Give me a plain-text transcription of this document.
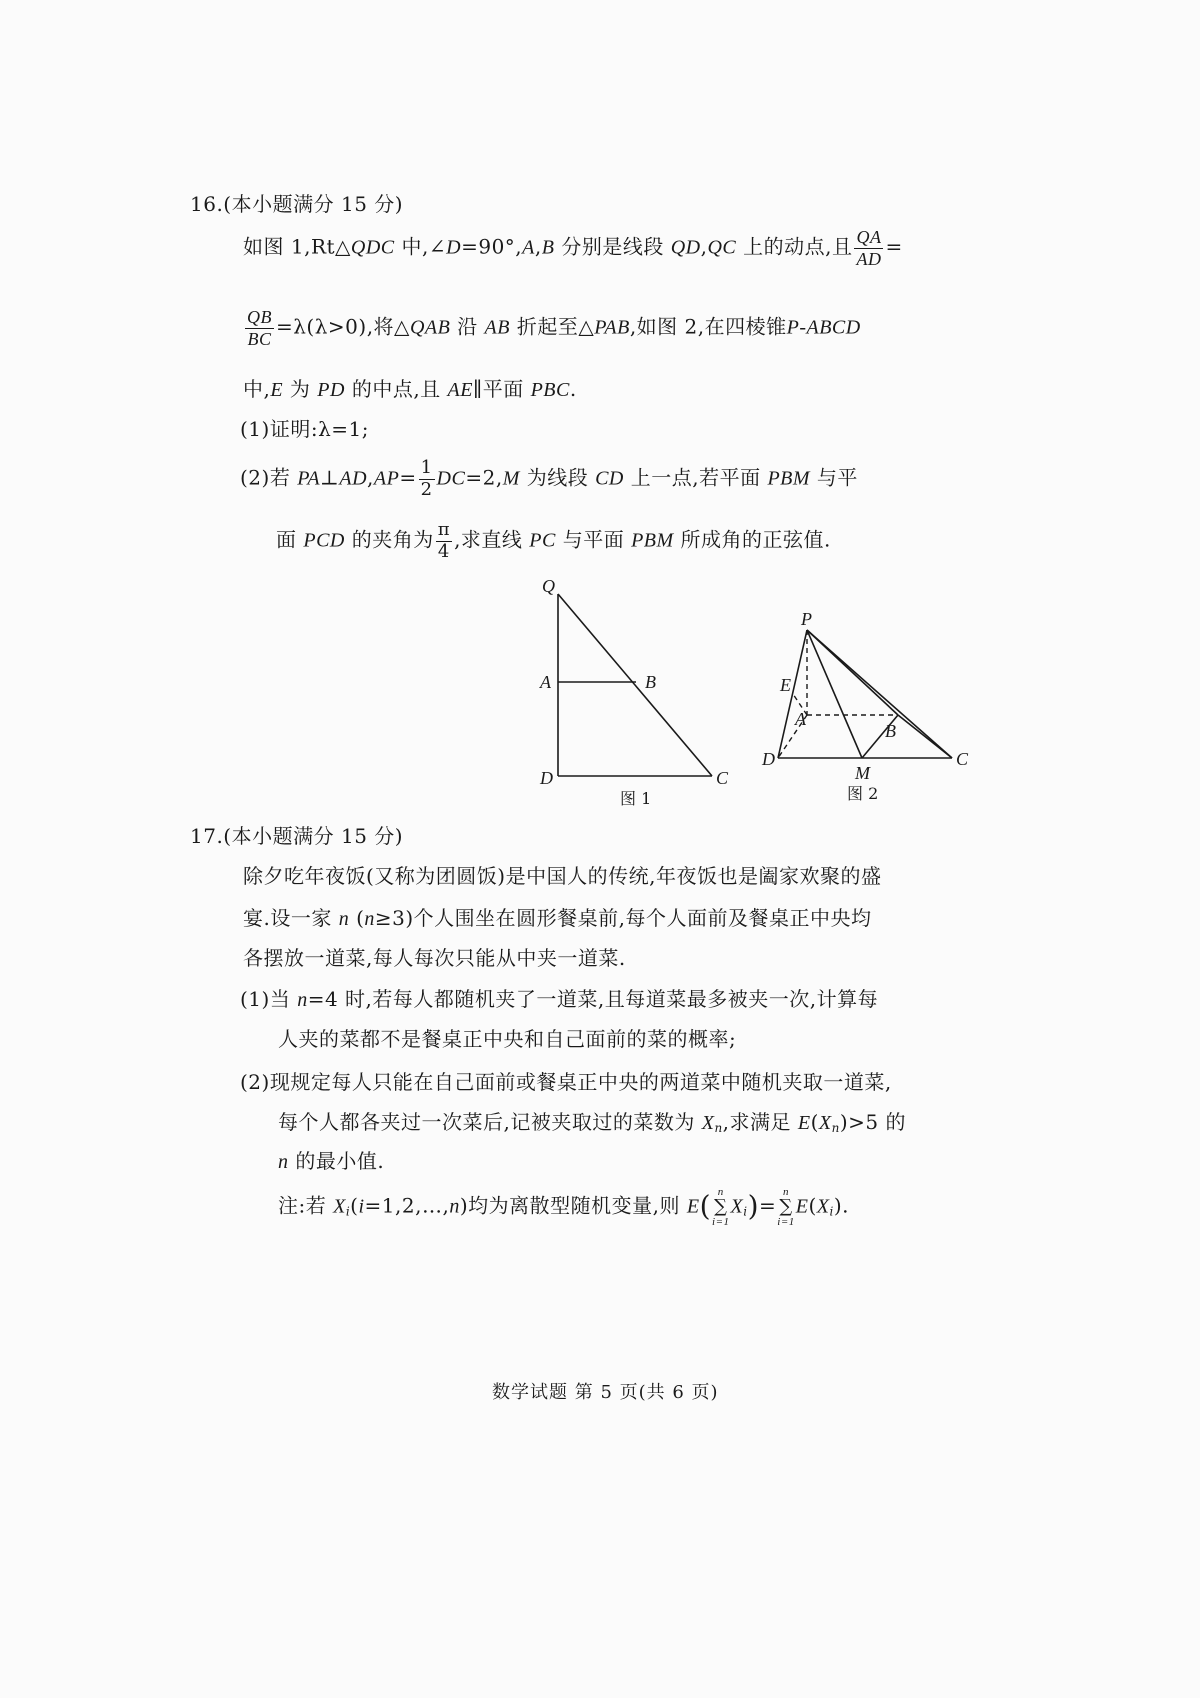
16.(本小题满分 15 分)
如图 1,Rt△QDC 中,∠D=90°,A,B 分别是线段 QD,QC 上的动点,且 $\frac{QA}{AD}$ =
$\frac{QB}{BC} =\lambda(\lambda>0)$,将△QAB 沿 AB 折起至△PAB,如图 2,在四棱锥P-ABCD
中,E 为 PD 的中点,且 AE∥平面 PBC.
(1)证明:λ=1;
(2)若 PA⊥AD,AP= $\frac{1}{2} DC=2,M$ 为线段 CD 上一点,若平面 PBM 与平
面 PCD 的夹角为 $\frac{\pi}{4}$ ,求直线 PC 与平面 PBM 所成角的正弦值.
Q
A	B
D	C
图 1
P
E
A
B
D
M
C
图 2
17.(本小题满分 15 分)
除夕吃年夜饭(又称为团圆饭)是中国人的传统,年夜饭也是阖家欢聚的盛
宴.设一家 n (n≥3)个人围坐在圆形餐桌前,每个人面前及餐桌正中央均
各摆放一道菜,每人每次只能从中夹一道菜.
(1)当 n=4 时,若每人都随机夹了一道菜,且每道菜最多被夹一次,计算每
人夹的菜都不是餐桌正中央和自己面前的菜的概率;
(2)现规定每人只能在自己面前或餐桌正中央的两道菜中随机夹取一道菜,
每个人都各夹过一次菜后,记被夹取过的菜数为 $X_n$,求满足 $E(X_n)>5$ 的
n 的最小值.
注:若 $X_i(i=1,2,\dots,n)$均为离散型随机变量,则 E( n
∑
$i=1X_i)=n$
∑
$i=1E(X_i)$.
数学试题 第 5 页(共 6 页)
